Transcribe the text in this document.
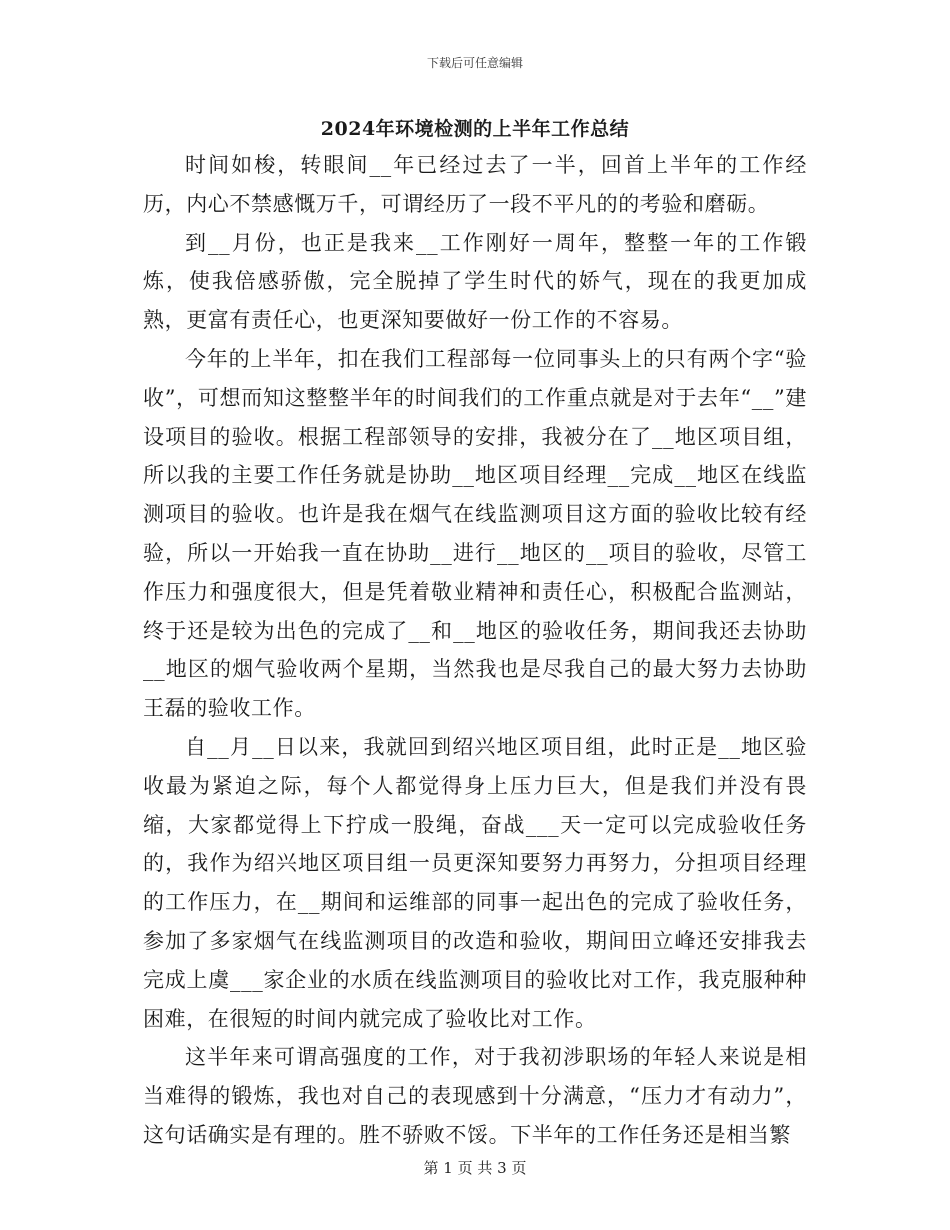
下载后可任意编辑
2024年环境检测的上半年工作总结

时间如梭，转眼间__年已经过去了一半，回首上半年的工作经历，内心不禁感慨万千，可谓经历了一段不平凡的的考验和磨砺。

到__月份，也正是我来__工作刚好一周年，整整一年的工作锻炼，使我倍感骄傲，完全脱掉了学生时代的娇气，现在的我更加成熟，更富有责任心，也更深知要做好一份工作的不容易。

今年的上半年，扣在我们工程部每一位同事头上的只有两个字“验收”，可想而知这整整半年的时间我们的工作重点就是对于去年“__”建设项目的验收。根据工程部领导的安排，我被分在了__地区项目组，所以我的主要工作任务就是协助__地区项目经理__完成__地区在线监测项目的验收。也许是我在烟气在线监测项目这方面的验收比较有经验，所以一开始我一直在协助__进行__地区的__项目的验收，尽管工作压力和强度很大，但是凭着敬业精神和责任心，积极配合监测站，终于还是较为出色的完成了__和__地区的验收任务，期间我还去协助__地区的烟气验收两个星期，当然我也是尽我自己的最大努力去协助王磊的验收工作。

自__月__日以来，我就回到绍兴地区项目组，此时正是__地区验收最为紧迫之际，每个人都觉得身上压力巨大，但是我们并没有畏缩，大家都觉得上下拧成一股绳，奋战___天一定可以完成验收任务的，我作为绍兴地区项目组一员更深知要努力再努力，分担项目经理的工作压力，在__期间和运维部的同事一起出色的完成了验收任务，参加了多家烟气在线监测项目的改造和验收，期间田立峰还安排我去完成上虞___家企业的水质在线监测项目的验收比对工作，我克服种种困难，在很短的时间内就完成了验收比对工作。

这半年来可谓高强度的工作，对于我初涉职场的年轻人来说是相当难得的锻炼，我也对自己的表现感到十分满意，“压力才有动力”，这句话确实是有理的。胜不骄败不馁。下半年的工作任务还是相当繁

第 1 页 共 3 页
